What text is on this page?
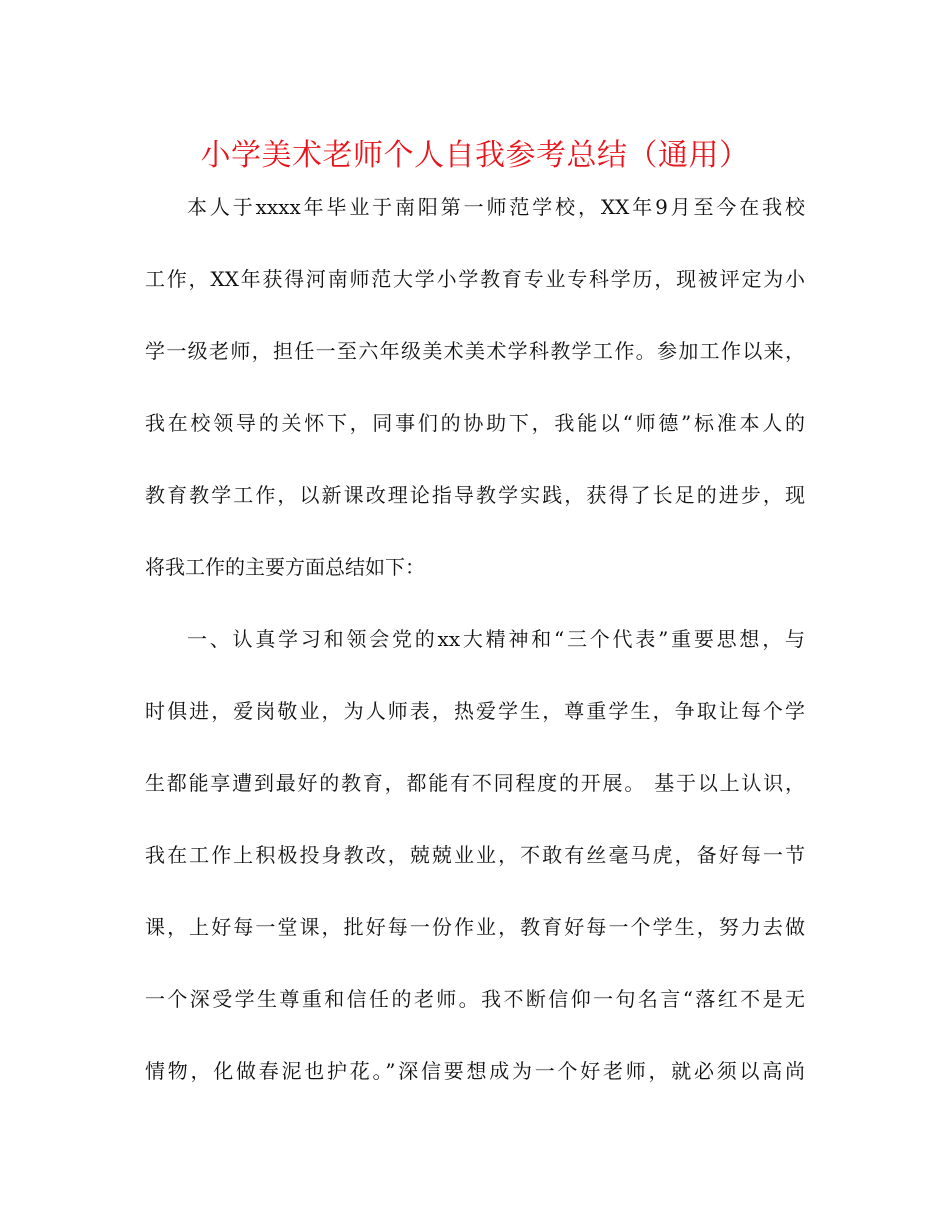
小学美术老师个人自我参考总结（通用）
本人于xxxx年毕业于南阳第一师范学校，XX年9月至今在我校
工作，XX年获得河南师范大学小学教育专业专科学历，现被评定为小
学一级老师，担任一至六年级美术美术学科教学工作。参加工作以来，
我在校领导的关怀下，同事们的协助下，我能以“师德”标准本人的
教育教学工作，以新课改理论指导教学实践，获得了长足的进步，现
将我工作的主要方面总结如下：
一、认真学习和领会党的xx大精神和“三个代表”重要思想，与
时俱进，爱岗敬业，为人师表，热爱学生，尊重学生，争取让每个学
生都能享遭到最好的教育，都能有不同程度的开展。 基于以上认识，
我在工作上积极投身教改，兢兢业业，不敢有丝毫马虎，备好每一节
课，上好每一堂课，批好每一份作业，教育好每一个学生，努力去做
一个深受学生尊重和信任的老师。我不断信仰一句名言“落红不是无
情物，化做春泥也护花。”深信要想成为一个好老师，就必须以高尚
